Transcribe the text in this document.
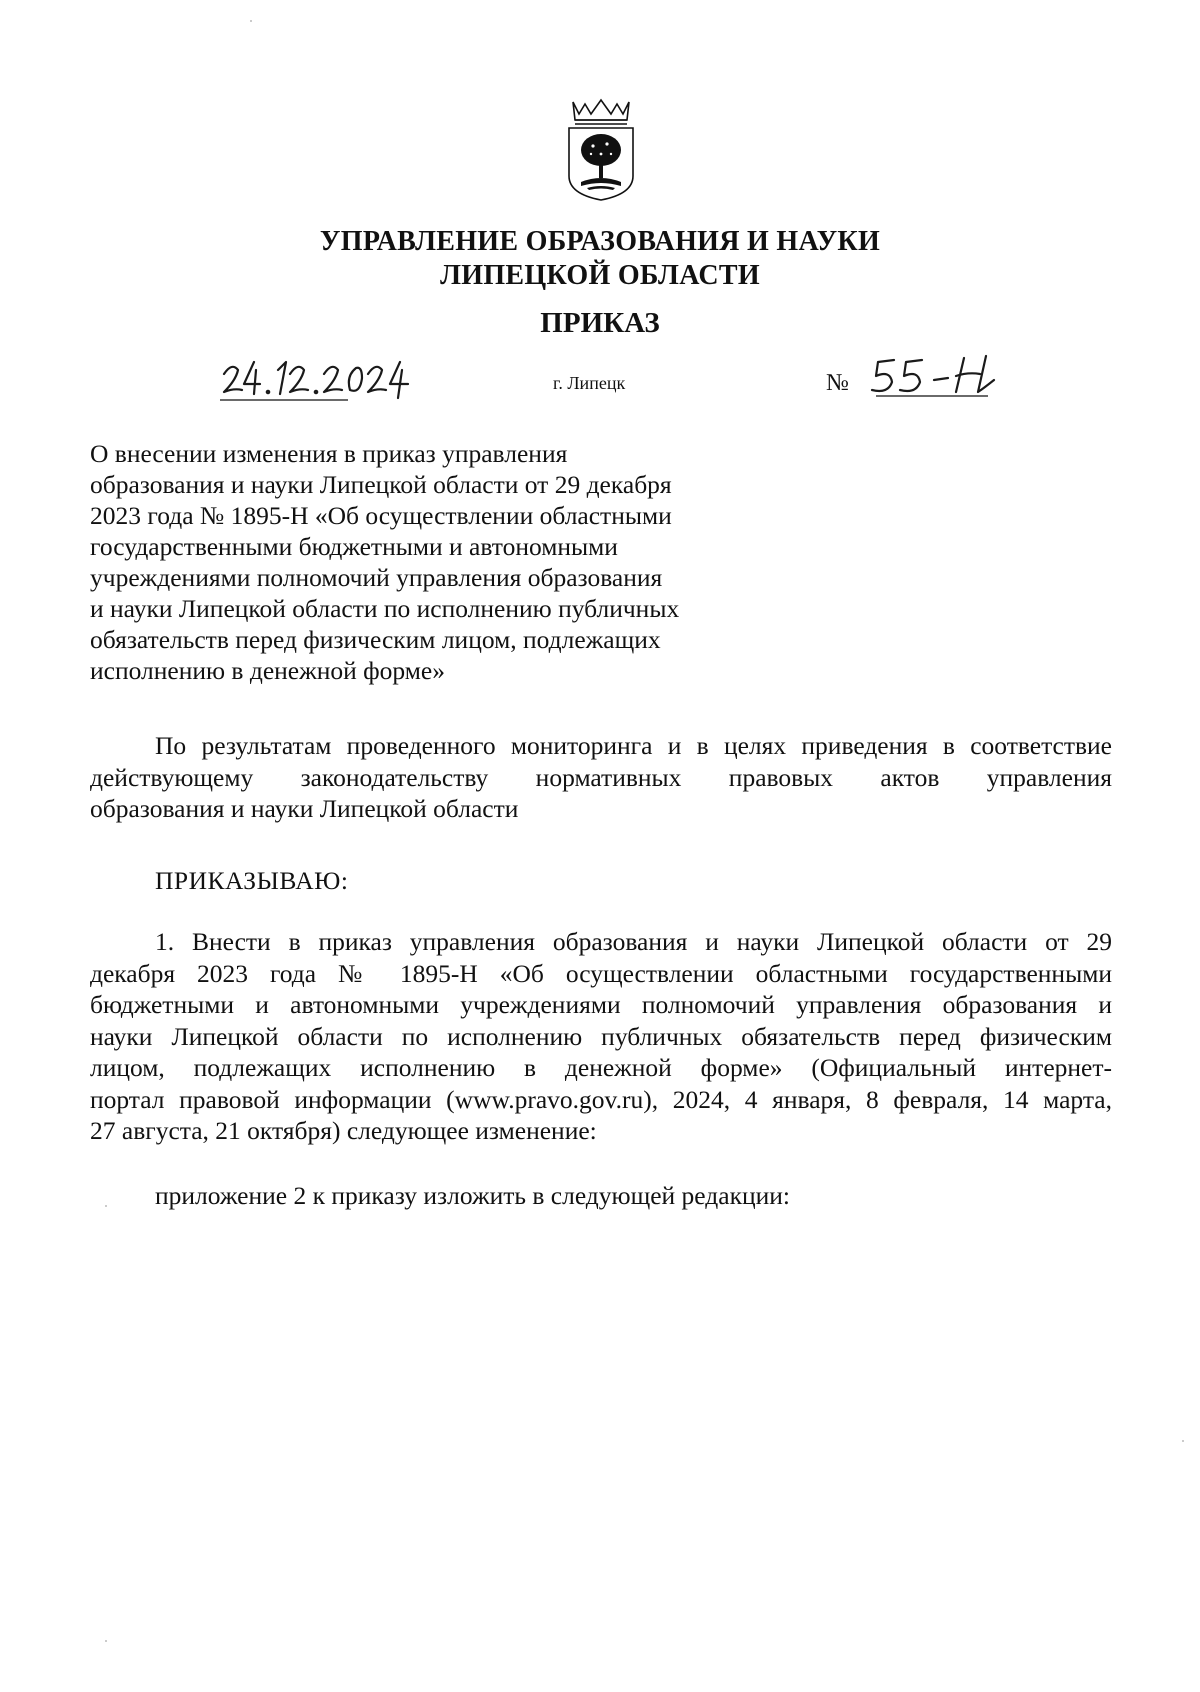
УПРАВЛЕНИЕ ОБРАЗОВАНИЯ И НАУКИ
ЛИПЕЦКОЙ ОБЛАСТИ
ПРИКАЗ
г. Липецк	№
О внесении изменения в приказ управления
образования и науки Липецкой области от 29 декабря
2023 года № 1895-Н «Об осуществлении областными
государственными бюджетными и автономными
учреждениями полномочий управления образования
и науки Липецкой области по исполнению публичных
обязательств перед физическим лицом, подлежащих
исполнению в денежной форме»
По результатам проведенного мониторинга и в целях приведения в соответствие
действующему законодательству нормативных правовых актов управления
образования и науки Липецкой области
ПРИКАЗЫВАЮ:
1. Внести в приказ управления образования и науки Липецкой области от 29
декабря 2023 года № 1895-Н «Об осуществлении областными государственными
бюджетными и автономными учреждениями полномочий управления образования и
науки Липецкой области по исполнению публичных обязательств перед физическим
лицом, подлежащих исполнению в денежной форме» (Официальный интернет-
портал правовой информации (www.pravo.gov.ru), 2024, 4 января, 8 февраля, 14 марта,
27 августа, 21 октября) следующее изменение:
приложение 2 к приказу изложить в следующей редакции:
